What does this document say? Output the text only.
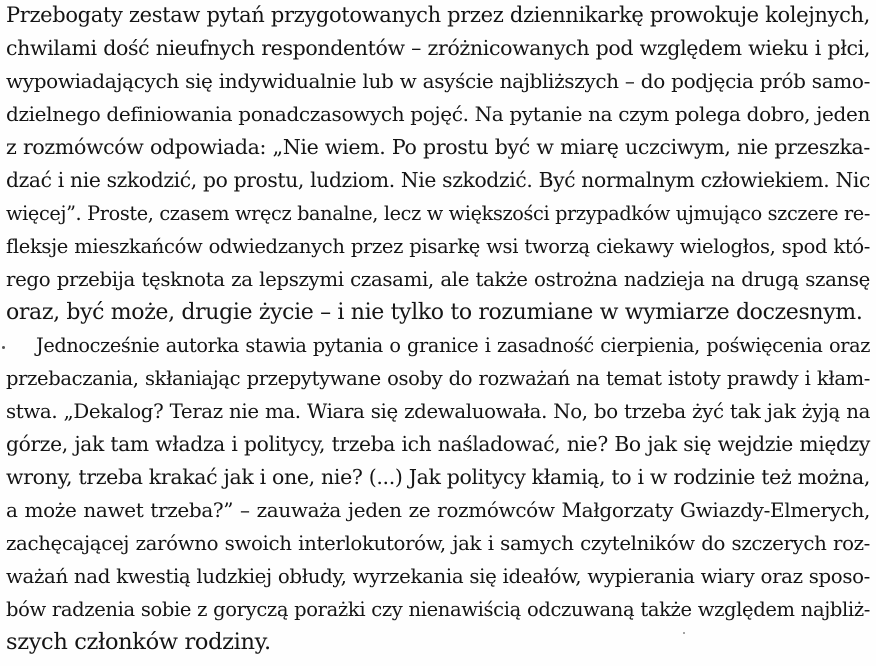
Przebogaty zestaw pytań przygotowanych przez dziennikarkę prowokuje kolejnych,
chwilami dość nieufnych respondentów – zróżnicowanych pod względem wieku i płci,
wypowiadających się indywidualnie lub w asyście najbliższych – do podjęcia prób samo-
dzielnego definiowania ponadczasowych pojęć. Na pytanie na czym polega dobro, jeden
z rozmówców odpowiada: „Nie wiem. Po prostu być w miarę uczciwym, nie przeszka-
dzać i nie szkodzić, po prostu, ludziom. Nie szkodzić. Być normalnym człowiekiem. Nic
więcej”. Proste, czasem wręcz banalne, lecz w większości przypadków ujmująco szczere re-
fleksje mieszkańców odwiedzanych przez pisarkę wsi tworzą ciekawy wielogłos, spod któ-
rego przebija tęsknota za lepszymi czasami, ale także ostrożna nadzieja na drugą szansę
oraz, być może, drugie życie – i nie tylko to rozumiane w wymiarze doczesnym.
Jednocześnie autorka stawia pytania o granice i zasadność cierpienia, poświęcenia oraz
przebaczania, skłaniając przepytywane osoby do rozważań na temat istoty prawdy i kłam-
stwa. „Dekalog? Teraz nie ma. Wiara się zdewaluowała. No, bo trzeba żyć tak jak żyją na
górze, jak tam władza i politycy, trzeba ich naśladować, nie? Bo jak się wejdzie między
wrony, trzeba krakać jak i one, nie? (...) Jak politycy kłamią, to i w rodzinie też można,
a może nawet trzeba?” – zauważa jeden ze rozmówców Małgorzaty Gwiazdy-Elmerych,
zachęcającej zarówno swoich interlokutorów, jak i samych czytelników do szczerych roz-
ważań nad kwestią ludzkiej obłudy, wyrzekania się ideałów, wypierania wiary oraz sposo-
bów radzenia sobie z goryczą porażki czy nienawiścią odczuwaną także względem najbliż-
szych członków rodziny.
